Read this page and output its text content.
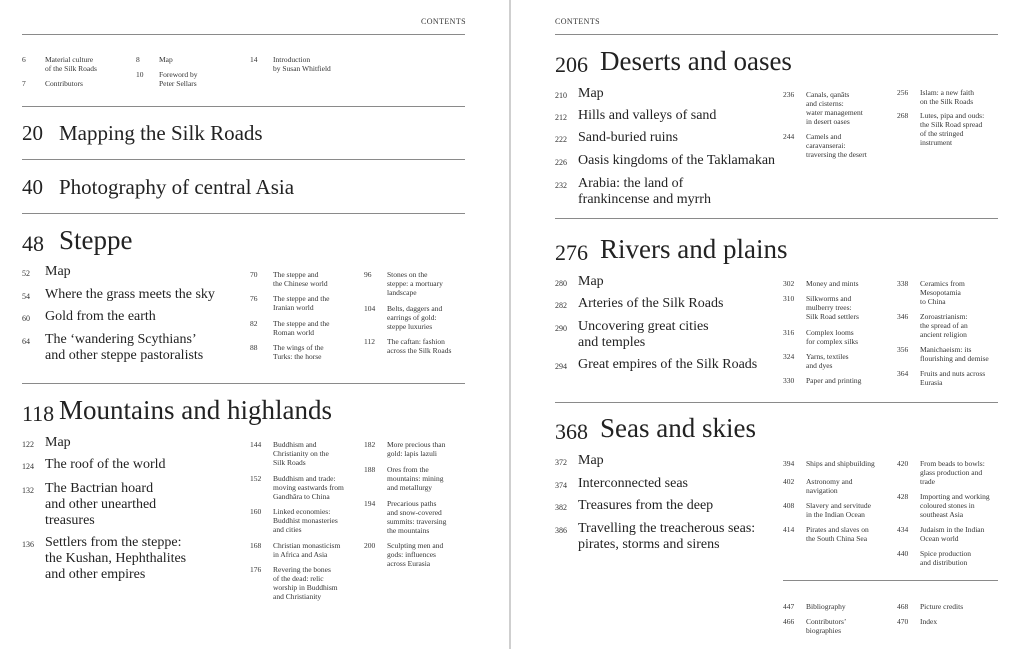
CONTENTS
6	Material culture
of the Silk Roads
7	Contributors
8	Map
10 Foreword by
Peter Sellars
14 Introduction
by Susan Whitfield
20 Mapping the Silk Roads
40 Photography of central Asia
48 Steppe
52 Map
54 Where the grass meets the sky
60 Gold from the earth
64 The ‘wandering Scythians’
and other steppe pastoralists
70 The steppe and
the Chinese world
76 The steppe and the
Iranian world
82 The steppe and the
Roman world
88 The wings of the
Turks: the horse
96 Stones on the
steppe: a mortuary
landscape
104 Belts, daggers and
earrings of gold:
steppe luxuries
112 The caftan: fashion
across the Silk Roads
118 Mountains and highlands
122 Map
124 The roof of the world
132 The Bactrian hoard
and other unearthed
treasures
136 Settlers from the steppe:
the Kushan, Hephthalites
and other empires
144 Buddhism and
Christianity on the
Silk Roads
152 Buddhism and trade:
moving eastwards from
Gandhāra to China
160 Linked economies:
Buddhist monasteries
and cities
168 Christian monasticism
in Africa and Asia
176 Revering the bones
of the dead: relic
worship in Buddhism
and Christianity
182 More precious than
gold: lapis lazuli
188 Ores from the
mountains: mining
and metallurgy
194 Precarious paths
and snow-covered
summits: traversing
the mountains
200 Sculpting men and
gods: influences
across Eurasia
CONTENTS
206 Deserts and oases
210 Map
212 Hills and valleys of sand
222 Sand-buried ruins
226 Oasis kingdoms of the Taklamakan
232 Arabia: the land of
frankincense and myrrh
236 Canals, qanāts
and cisterns:
water management
in desert oases
244 Camels and
caravanserai:
traversing the desert
256 Islam: a new faith
on the Silk Roads
268 Lutes, pipa and ouds:
the Silk Road spread
of the stringed
instrument
276 Rivers and plains
280 Map
282 Arteries of the Silk Roads
290 Uncovering great cities
and temples
294 Great empires of the Silk Roads
302 Money and mints
310 Silkworms and
mulberry trees:
Silk Road settlers
316 Complex looms
for complex silks
324 Yarns, textiles
and dyes
330 Paper and printing
338 Ceramics from
Mesopotamia
to China
346 Zoroastrianism:
the spread of an
ancient religion
356 Manichaeism: its
flourishing and demise
364 Fruits and nuts across
Eurasia
368 Seas and skies
372 Map
374 Interconnected seas
382 Treasures from the deep
386 Travelling the treacherous seas:
pirates, storms and sirens
394 Ships and shipbuilding
402 Astronomy and
navigation
408 Slavery and servitude
in the Indian Ocean
414 Pirates and slaves on
the South China Sea
420 From beads to bowls:
glass production and
trade
428 Importing and working
coloured stones in
southeast Asia
434 Judaism in the Indian
Ocean world
440 Spice production
and distribution
447 Bibliography
466 Contributors’
biographies
468 Picture credits
470 Index
